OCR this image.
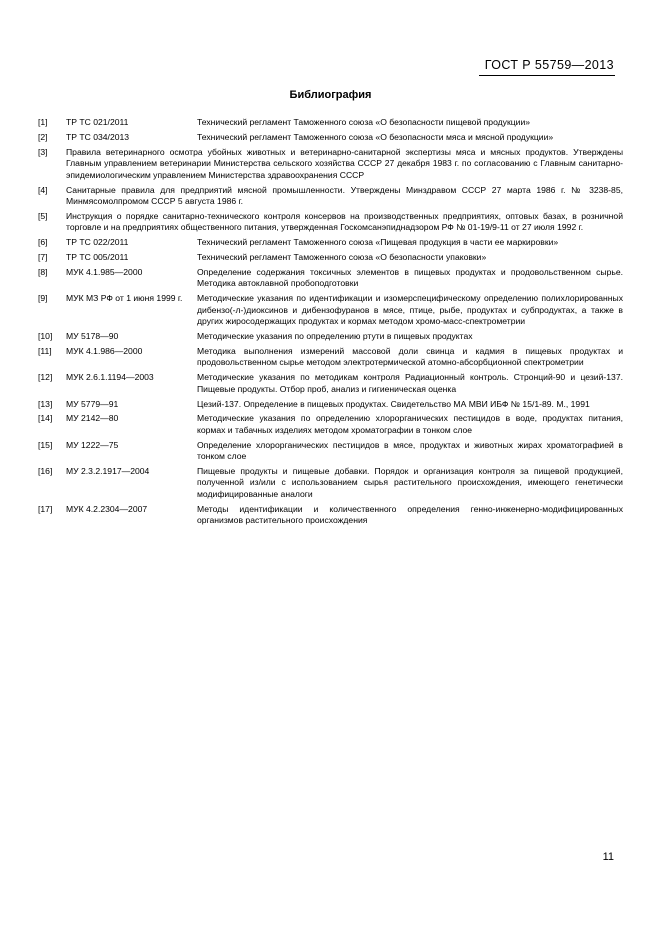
ГОСТ Р 55759—2013
Библиография
[1]	ТР ТС 021/2011	Технический регламент Таможенного союза «О безопасности пищевой продукции»
[2]	ТР ТС 034/2013	Технический регламент Таможенного союза «О безопасности мяса и мясной продукции»
[3]	Правила ветеринарного осмотра убойных животных и ветеринарно-санитарной экспертизы мяса и мясных продуктов. Утверждены Главным управлением ветеринарии Министерства сельского хозяйства СССР 27 декабря 1983 г. по согласованию с Главным санитарно-эпидемиологическим управлением Министерства здравоохранения СССР
[4]	Санитарные правила для предприятий мясной промышленности. Утверждены Минздравом СССР 27 марта 1986 г. № 3238-85, Минмясомолпромом СССР 5 августа 1986 г.
[5]	Инструкция о порядке санитарно-технического контроля консервов на производственных предприятиях, оптовых базах, в розничной торговле и на предприятиях общественного питания, утвержденная Госкомсанэпиднадзором РФ № 01-19/9-11 от 27 июля 1992 г.
[6]	ТР ТС 022/2011	Технический регламент Таможенного союза «Пищевая продукция в части ее маркировки»
[7]	ТР ТС 005/2011	Технический регламент Таможенного союза «О безопасности упаковки»
[8]	МУК 4.1.985—2000	Определение содержания токсичных элементов в пищевых продуктах и продовольственном сырье. Методика автоклавной пробоподготовки
[9]	МУК МЗ РФ от 1 июня 1999 г.	Методические указания по идентификации и изомерспецифическому определению полихлорированных дибензо(-л-)диоксинов и дибензофуранов в мясе, птице, рыбе, продуктах и субпродуктах, а также в других жиросодержащих продуктах и кормах методом хромо-масс-спектрометрии
[10]	МУ 5178—90	Методические указания по определению ртути в пищевых продуктах
[11]	МУК 4.1.986—2000	Методика выполнения измерений массовой доли свинца и кадмия в пищевых продуктах и продовольственном сырье методом электротермической атомно-абсорбционной спектрометрии
[12]	МУК 2.6.1.1194—2003	Методические указания по методикам контроля Радиационный контроль. Стронций-90 и цезий-137. Пищевые продукты. Отбор проб, анализ и гигиеническая оценка
[13]	МУ 5779—91	Цезий-137. Определение в пищевых продуктах. Свидетельство МА МВИ ИБФ № 15/1-89. М., 1991
[14]	МУ 2142—80	Методические указания по определению хлорорганических пестицидов в воде, продуктах питания, кормах и табачных изделиях методом хроматографии в тонком слое
[15]	МУ 1222—75	Определение хлорорганических пестицидов в мясе, продуктах и животных жирах хроматографией в тонком слое
[16]	МУ 2.3.2.1917—2004	Пищевые продукты и пищевые добавки. Порядок и организация контроля за пищевой продукцией, полученной из/или с использованием сырья растительного происхождения, имеющего генетически модифицированные аналоги
[17]	МУК 4.2.2304—2007	Методы идентификации и количественного определения генно-инженерно-модифицированных организмов растительного происхождения
11
